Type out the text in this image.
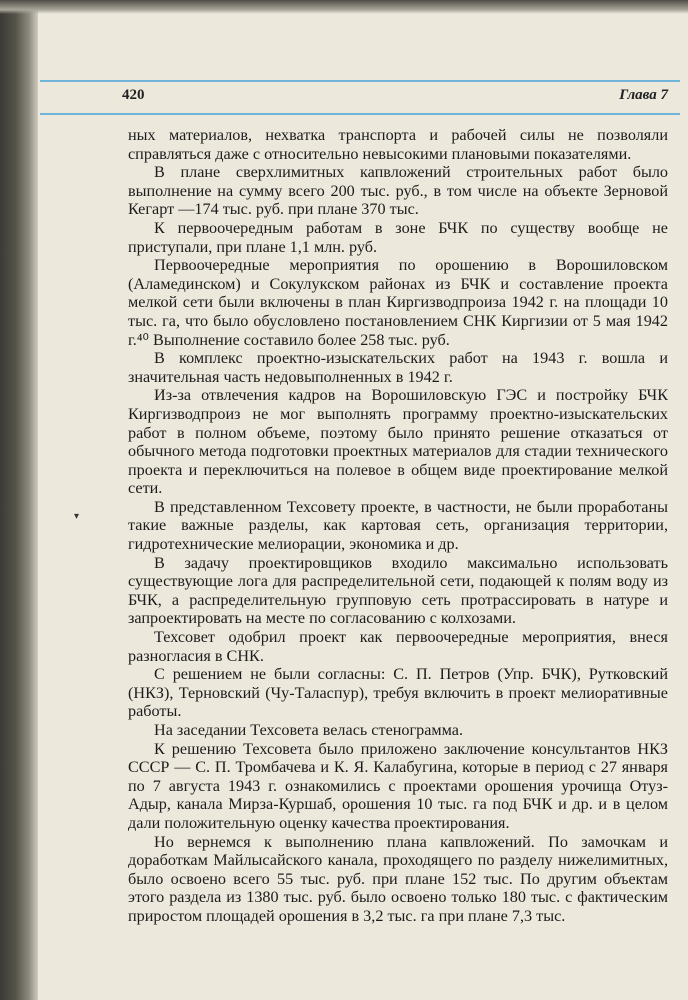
420	Глава 7
▾

ных материалов, нехватка транспорта и рабочей силы не позволяли справляться даже с относительно невысокими плановыми показателями.

В плане сверхлимитных капвложений строительных работ было выполнение на сумму всего 200 тыс. руб., в том числе на объекте Зерновой Кегарт —174 тыс. руб. при плане 370 тыс.

К первоочередным работам в зоне БЧК по существу вообще не приступали, при плане 1,1 млн. руб.

Первоочередные мероприятия по орошению в Ворошиловском (Аламединском) и Сокулукском районах из БЧК и составление проекта мелкой сети были включены в план Киргизводпроиза 1942 г. на площади 10 тыс. га, что было обусловлено постановлением СНК Киргизии от 5 мая 1942 г.⁴⁰ Выполнение составило более 258 тыс. руб.

В комплекс проектно-изыскательских работ на 1943 г. вошла и значительная часть недовыполненных в 1942 г.

Из-за отвлечения кадров на Ворошиловскую ГЭС и постройку БЧК Киргизводпроиз не мог выполнять программу проектно-изыскательских работ в полном объеме, поэтому было принято решение отказаться от обычного метода подготовки проектных материалов для стадии технического проекта и переключиться на полевое в общем виде проектирование мелкой сети.

В представленном Техсовету проекте, в частности, не были проработаны такие важные разделы, как картовая сеть, организация территории, гидротехнические мелиорации, экономика и др.

В задачу проектировщиков входило максимально использовать существующие лога для распределительной сети, подающей к полям воду из БЧК, а распределительную групповую сеть протрассировать в натуре и запроектировать на месте по согласованию с колхозами.

Техсовет одобрил проект как первоочередные мероприятия, внеся разногласия в СНК.

С решением не были согласны: С. П. Петров (Упр. БЧК), Рутковский (НКЗ), Терновский (Чу-Таласпур), требуя включить в проект мелиоративные работы.

На заседании Техсовета велась стенограмма.

К решению Техсовета было приложено заключение консультантов НКЗ СССР — С. П. Тромбачева и К. Я. Калабугина, которые в период с 27 января по 7 августа 1943 г. ознакомились с проектами орошения урочища Отуз-Адыр, канала Мирза-Куршаб, орошения 10 тыс. га под БЧК и др. и в целом дали положительную оценку качества проектирования.

Но вернемся к выполнению плана капвложений. По замочкам и доработкам Майлысайского канала, проходящего по разделу нижелимитных, было освоено всего 55 тыс. руб. при плане 152 тыс. По другим объектам этого раздела из 1380 тыс. руб. было освоено только 180 тыс. с фактическим приростом площадей орошения в 3,2 тыс. га при плане 7,3 тыс.
